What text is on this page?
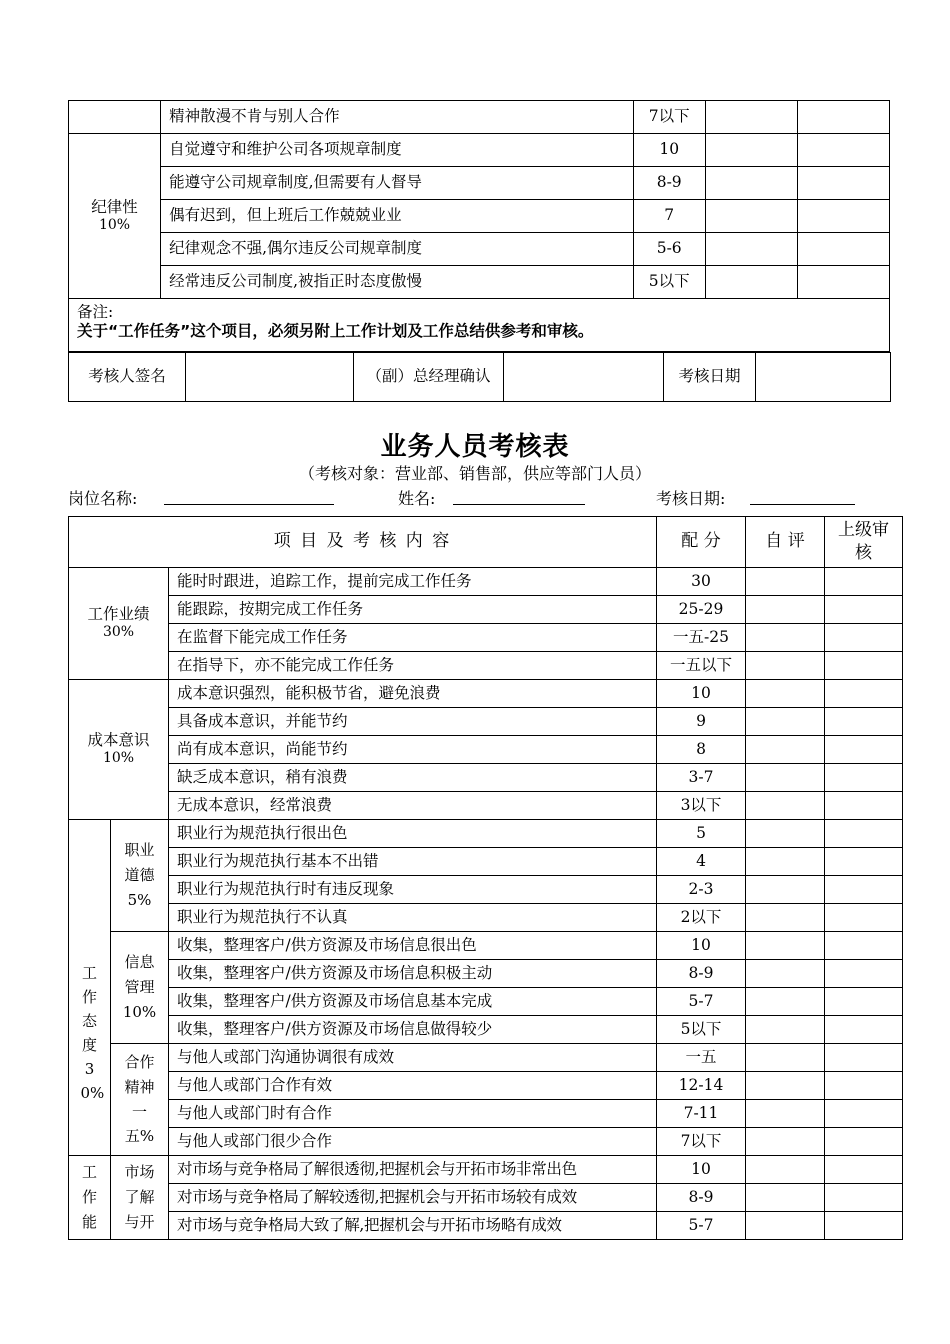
	精神散漫不肯与别人合作	7以下		

纪律性
10%	自觉遵守和维护公司各项规章制度	10		
	能遵守公司规章制度,但需要有人督导	8-9		
	偶有迟到，但上班后工作兢兢业业	7		
	纪律观念不强,偶尔违反公司规章制度	5-6		
	经常违反公司制度,被指正时态度傲慢	5以下		

备注:
关于“工作任务”这个项目，必须另附上工作计划及工作总结供参考和审核。				
考核人签名		（副）总经理确认		考核日期	
业务人员考核表
（考核对象：营业部、销售部，供应等部门人员）
岗位名称:	姓名:	考核日期:
项 目 及 考 核 内 容			配 分	自 评	上级审核

工作业绩
30%		能时时跟进，追踪工作，提前完成工作任务	30		
		能跟踪，按期完成工作任务	25-29		
		在监督下能完成工作任务	一五-25		
		在指导下，亦不能完成工作任务	一五以下		

成本意识
10%		成本意识强烈，能积极节省，避免浪费	10		
		具备成本意识，并能节约	9		
		尚有成本意识，尚能节约	8		
		缺乏成本意识，稍有浪费	3-7		
		无成本意识，经常浪费	3以下		

工作态度30%	职业道德5%	职业行为规范执行很出色	5		
		职业行为规范执行基本不出错	4		
		职业行为规范执行时有违反现象	2-3		
		职业行为规范执行不认真	2以下		

	信息管理10%	收集，整理客户/供方资源及市场信息很出色	10		
		收集，整理客户/供方资源及市场信息积极主动	8-9		
		收集，整理客户/供方资源及市场信息基本完成	5-7		
		收集，整理客户/供方资源及市场信息做得较少	5以下		

	合作精神一五%	与他人或部门沟通协调很有成效	一五		
		与他人或部门合作有效	12-14		
		与他人或部门时有合作	7-11		
		与他人或部门很少合作	7以下		

工作能	市场了解与开	对市场与竞争格局了解很透彻,把握机会与开拓市场非常出色	10		
		对市场与竞争格局了解较透彻,把握机会与开拓市场较有成效	8-9		
		对市场与竞争格局大致了解,把握机会与开拓市场略有成效	5-7		
